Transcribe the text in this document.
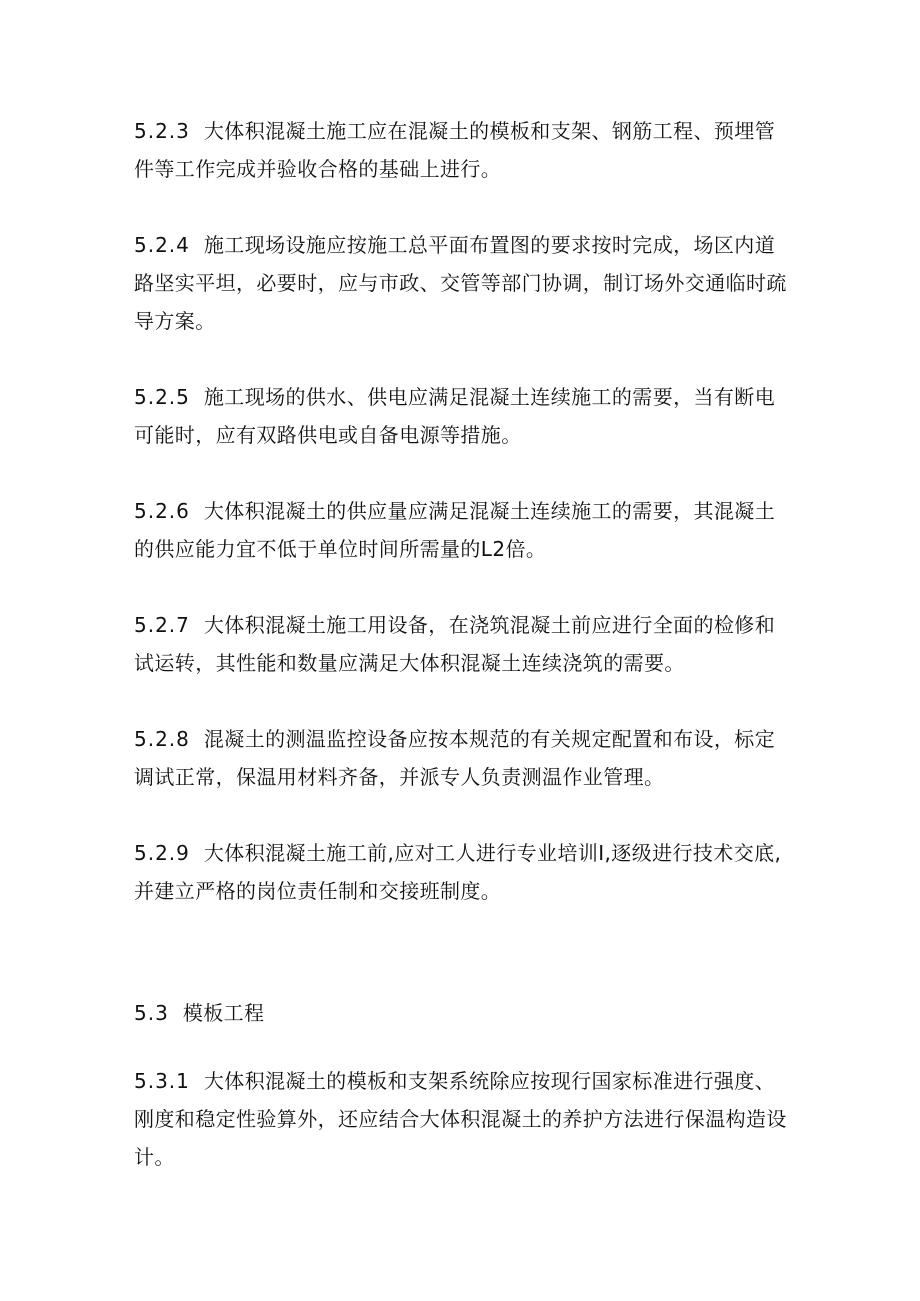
5.2.3 大体积混凝土施工应在混凝土的模板和支架、钢筋工程、预埋管件等工作完成并验收合格的基础上进行。

5.2.4 施工现场设施应按施工总平面布置图的要求按时完成，场区内道路坚实平坦，必要时，应与市政、交管等部门协调，制订场外交通临时疏导方案。

5.2.5 施工现场的供水、供电应满足混凝土连续施工的需要，当有断电可能时，应有双路供电或自备电源等措施。

5.2.6 大体积混凝土的供应量应满足混凝土连续施工的需要，其混凝土的供应能力宜不低于单位时间所需量的L2倍。

5.2.7 大体积混凝土施工用设备，在浇筑混凝土前应进行全面的检修和试运转，其性能和数量应满足大体积混凝土连续浇筑的需要。

5.2.8 混凝土的测温监控设备应按本规范的有关规定配置和布设，标定调试正常，保温用材料齐备，并派专人负责测温作业管理。

5.2.9 大体积混凝土施工前,应对工人进行专业培训I,逐级进行技术交底,并建立严格的岗位责任制和交接班制度。

5.3 模板工程

5.3.1 大体积混凝土的模板和支架系统除应按现行国家标准进行强度、刚度和稳定性验算外，还应结合大体积混凝土的养护方法进行保温构造设计。
